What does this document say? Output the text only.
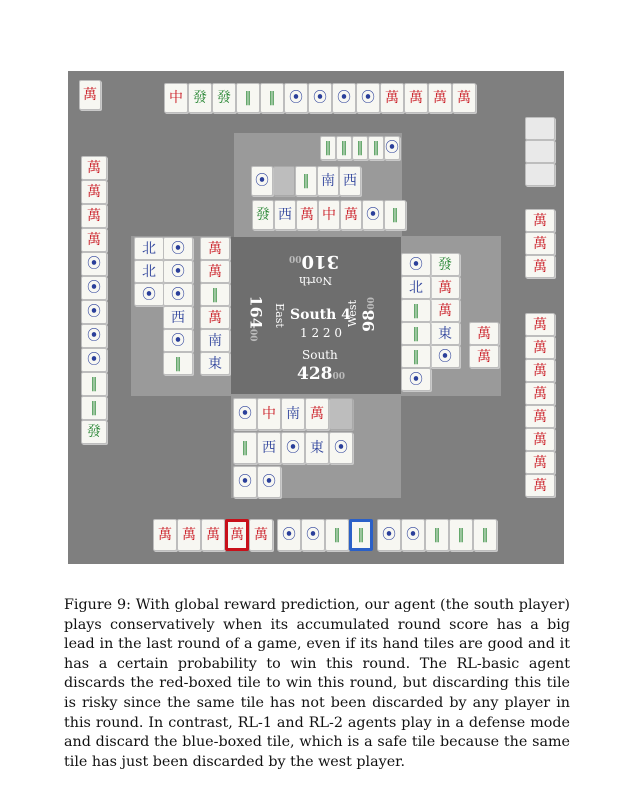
萬	中 發 發 ‖	‖ ⦿ ⦿ ⦿ ⦿ 萬 萬 萬 萬
萬
萬
萬
萬
⦿
⦿
⦿
⦿
⦿
‖
‖
發
萬
萬
萬
萬
萬
萬
萬
萬
萬
萬
萬
萬 萬 萬 萬 萬 ⦿ ⦿ ‖	‖	⦿ ⦿ ‖	‖	‖
‖ ‖ ‖ ‖ ⦿
⦿	‖ 南 西
發 西 萬 中 萬 ⦿ ‖
北
北
⦿
⦿
⦿
⦿
西
⦿
‖
萬
萬
‖
萬
南
東
發
萬
萬
東
⦿
⦿
北
‖
‖
‖
⦿
萬
萬
⦿ 中 南 萬
‖ 西 ⦿ 東 ⦿
⦿ ⦿
31000
North
16400
East South 4
1 2 2 0
West 9800
South
42800
Figure 9: With global reward prediction, our agent (the south player) plays conservatively when its accumulated round score has a big lead in the last round of a game, even if its hand tiles are good and it has a certain probability to win this round. The RL-basic agent discards the red-boxed tile to win this round, but discarding this tile is risky since the same tile has not been discarded by any player in this round. In contrast, RL-1 and RL-2 agents play in a defense mode and discard the blue-boxed tile, which is a safe tile because the same tile has just been discarded by the west player.
